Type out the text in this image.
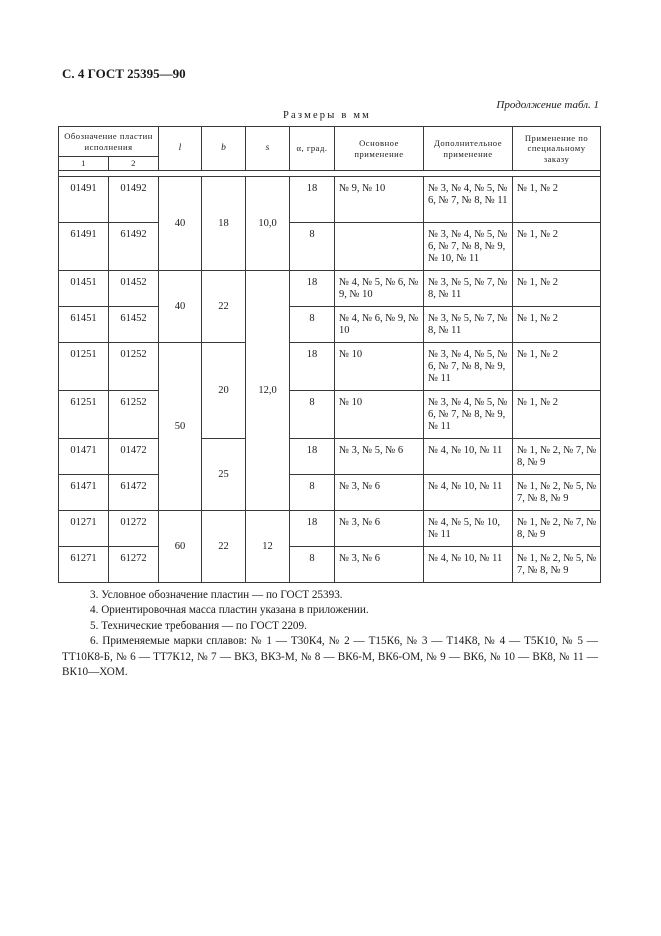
С. 4 ГОСТ 25395—90
Продолжение табл. 1
Размеры в мм
Обозначение пластин исполнения		l	b	s	α, град.	Основное применение	Дополнительное применение	Применение по специальному заказу
1	2							

01491	01492	40	18	10,0	18	№ 9, № 10	№ 3, № 4, № 5, № 6, № 7, № 8, № 11	№ 1, № 2
61491	61492				8		№ 3, № 4, № 5, № 6, № 7, № 8, № 9, № 10, № 11	№ 1, № 2
01451	01452	40	22	12,0	18	№ 4, № 5, № 6, № 9, № 10	№ 3, № 5, № 7, № 8, № 11	№ 1, № 2
61451	61452				8	№ 4, № 6, № 9, № 10	№ 3, № 5, № 7, № 8, № 11	№ 1, № 2
01251	01252	50	20		18	№ 10	№ 3, № 4, № 5, № 6, № 7, № 8, № 9, № 11	№ 1, № 2
61251	61252				8	№ 10	№ 3, № 4, № 5, № 6, № 7, № 8, № 9, № 11	№ 1, № 2
01471	01472		25		18	№ 3, № 5, № 6	№ 4, № 10, № 11	№ 1, № 2, № 7, № 8, № 9
61471	61472				8	№ 3, № 6	№ 4, № 10, № 11	№ 1, № 2, № 5, № 7, № 8, № 9
01271	01272	60	22	12	18	№ 3, № 6	№ 4, № 5, № 10, № 11	№ 1, № 2, № 7, № 8, № 9
61271	61272				8	№ 3, № 6	№ 4, № 10, № 11	№ 1, № 2, № 5, № 7, № 8, № 9

3. Условное обозначение пластин — по ГОСТ 25393.

4. Ориентировочная масса пластин указана в приложении.

5. Технические требования — по ГОСТ 2209.

6. Применяемые марки сплавов: № 1 — Т30К4, № 2 — Т15К6, № 3 — Т14К8, № 4 — Т5К10, № 5 — ТТ10К8-Б, № 6 — ТТ7К12, № 7 — ВК3, ВК3-М, № 8 — ВК6-М, ВК6-ОМ, № 9 — ВК6, № 10 — ВК8, № 11 — ВК10—ХОМ.
